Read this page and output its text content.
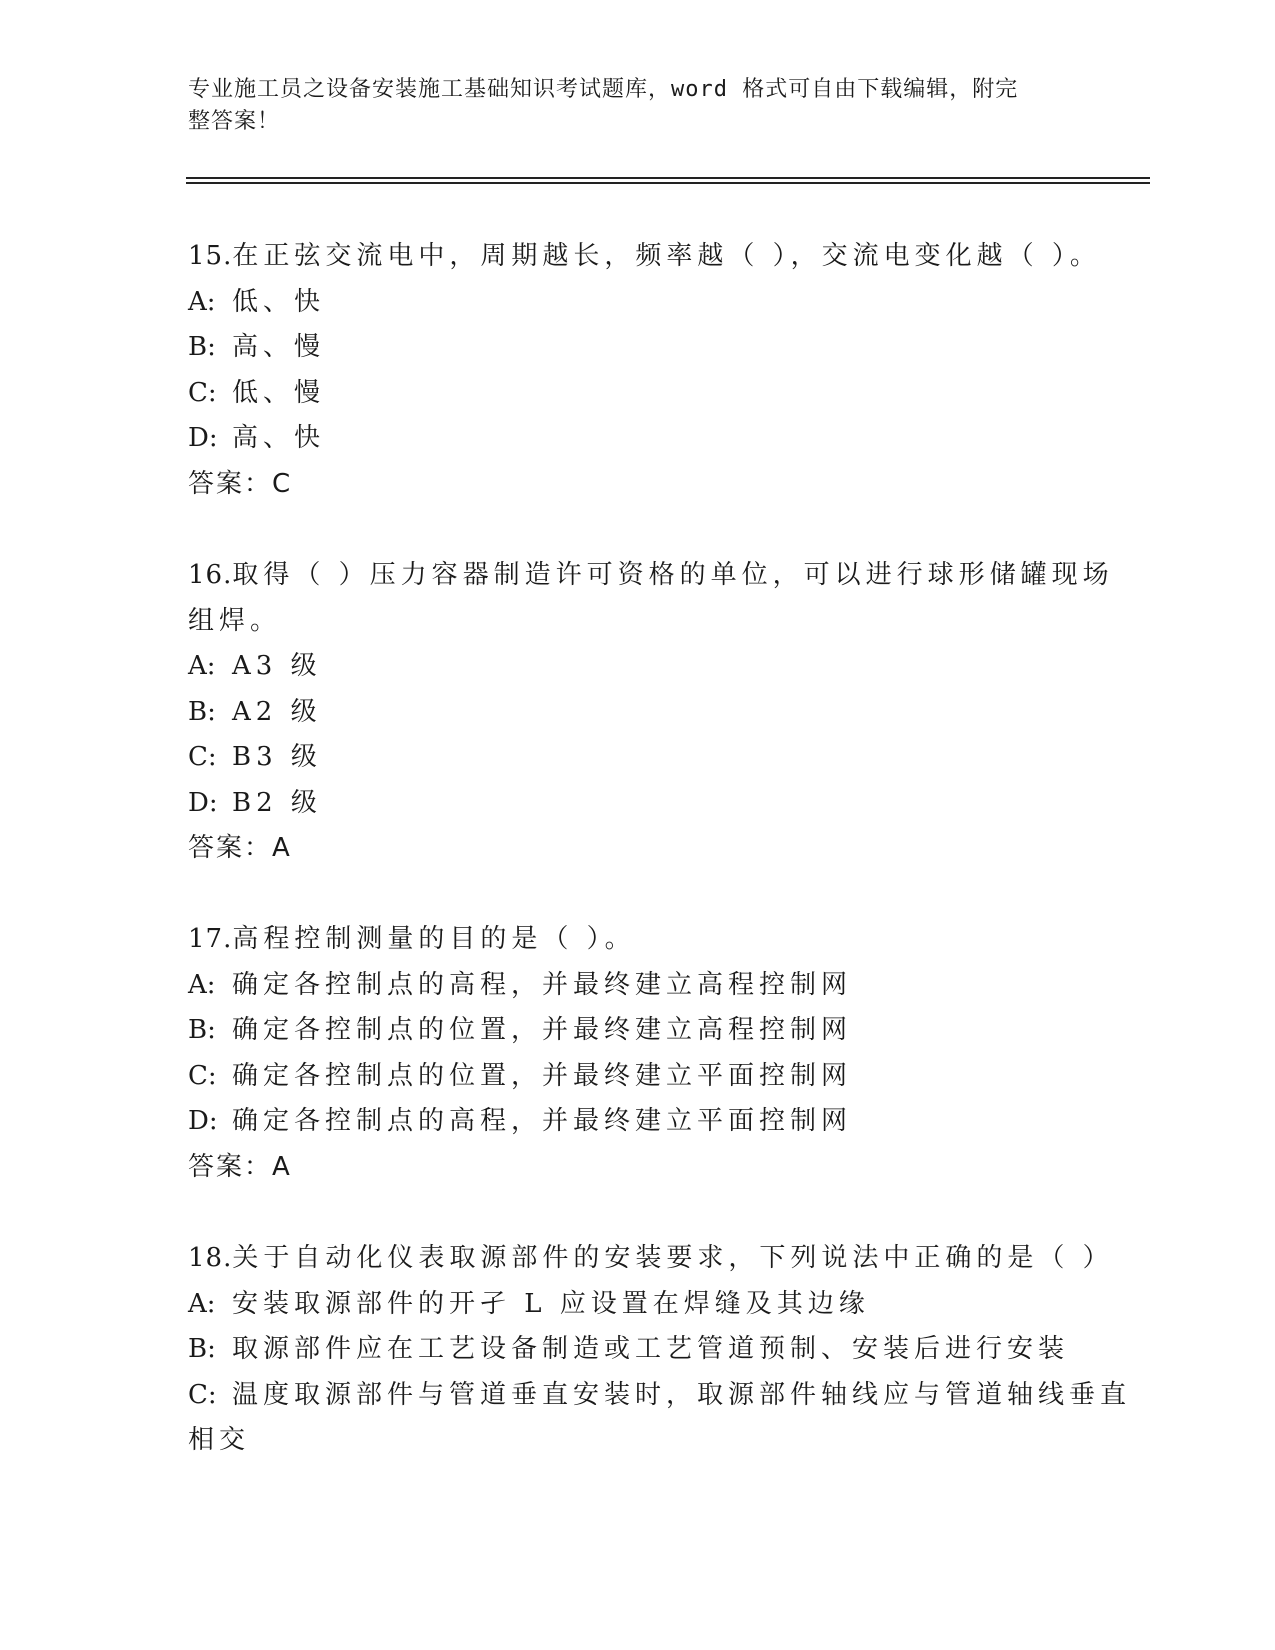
专业施工员之设备安装施工基础知识考试题库，word 格式可自由下载编辑，附完
整答案！
15.在正弦交流电中，周期越长，频率越（ ），交流电变化越（ ）。
A: 低、快
B: 高、慢
C: 低、慢
D: 高、快
答案：C
16.取得（ ）压力容器制造许可资格的单位，可以进行球形储罐现场
组焊。
A: A3 级
B: A2 级
C: B3 级
D: B2 级
答案：A
17.高程控制测量的目的是（ ）。
A: 确定各控制点的高程，并最终建立高程控制网
B: 确定各控制点的位置，并最终建立高程控制网
C: 确定各控制点的位置，并最终建立平面控制网
D: 确定各控制点的高程，并最终建立平面控制网
答案：A
18.关于自动化仪表取源部件的安装要求，下列说法中正确的是（ ）
A: 安装取源部件的开孑 L 应设置在焊缝及其边缘
B: 取源部件应在工艺设备制造或工艺管道预制、安装后进行安装
C: 温度取源部件与管道垂直安装时，取源部件轴线应与管道轴线垂直
相交
